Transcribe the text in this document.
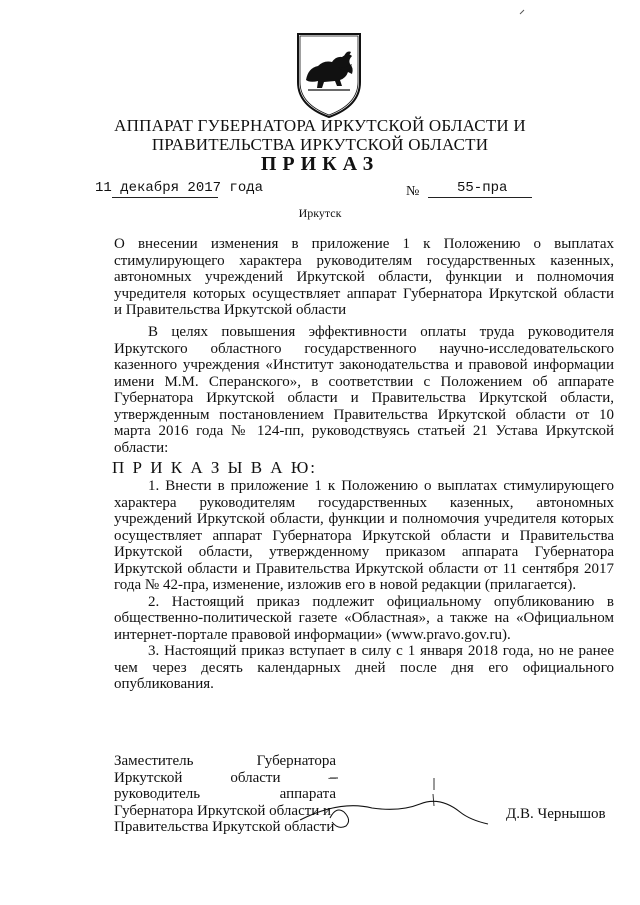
АППАРАТ ГУБЕРНАТОРА ИРКУТСКОЙ ОБЛАСТИ И
ПРАВИТЕЛЬСТВА ИРКУТСКОЙ ОБЛАСТИ
ПРИКАЗ
11 декабря 2017 года	№	55-пра
Иркутск
О внесении изменения в приложение 1 к Положению о выплатах
стимулирующего характера руководителям государственных казенных,
автономных учреждений Иркутской области, функции и полномочия
учредителя которых осуществляет аппарат Губернатора Иркутской области
и Правительства Иркутской области

В целях повышения эффективности оплаты труда руководителя Иркутского областного государственного научно-исследовательского казенного учреждения «Институт законодательства и правовой информации имени М.М. Сперанского», в соответствии с Положением об аппарате Губернатора Иркутской области и Правительства Иркутской области, утвержденным постановлением Правительства Иркутской области от 10 марта 2016 года № 124-пп, руководствуясь статьей 21 Устава Иркутской области:

П Р И К А З Ы В А Ю:

1. Внести в приложение 1 к Положению о выплатах стимулирующего характера руководителям государственных казенных, автономных учреждений Иркутской области, функции и полномочия учредителя которых осуществляет аппарат Губернатора Иркутской области и Правительства Иркутской области, утвержденному приказом аппарата Губернатора Иркутской области и Правительства Иркутской области от 11 сентября 2017 года № 42-пра, изменение, изложив его в новой редакции (прилагается).

2. Настоящий приказ подлежит официальному опубликованию в общественно-политической газете «Областная», а также на «Официальном интернет-портале правовой информации» (www.pravo.gov.ru).

3. Настоящий приказ вступает в силу с 1 января 2018 года, но не ранее чем через десять календарных дней после дня его официального опубликования.

Заместитель Губернатора
Иркутской области –
руководитель аппарата
Губернатора Иркутской области и
Правительства Иркутской области
Д.В. Чернышов
